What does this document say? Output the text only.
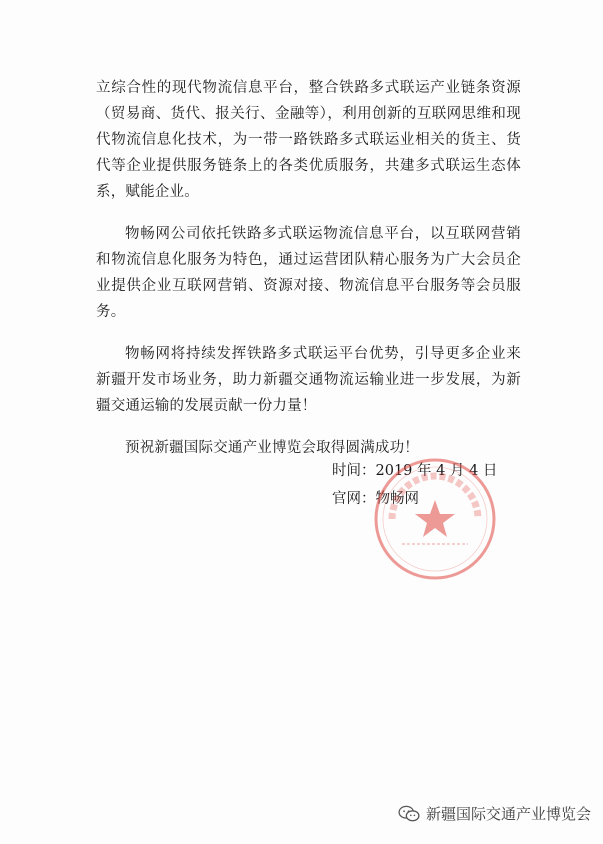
立综合性的现代物流信息平台，整合铁路多式联运产业链条资源（贸易商、货代、报关行、金融等），利用创新的互联网思维和现代物流信息化技术，为一带一路铁路多式联运业相关的货主、货代等企业提供服务链条上的各类优质服务，共建多式联运生态体系，赋能企业。

物畅网公司依托铁路多式联运物流信息平台，以互联网营销和物流信息化服务为特色，通过运营团队精心服务为广大会员企业提供企业互联网营销、资源对接、物流信息平台服务等会员服务。

物畅网将持续发挥铁路多式联运平台优势，引导更多企业来新疆开发市场业务，助力新疆交通物流运输业进一步发展，为新疆交通运输的发展贡献一份力量！

预祝新疆国际交通产业博览会取得圆满成功！

时间：2019 年 4 月 4 日
官网：物畅网
新疆国际交通产业博览会
